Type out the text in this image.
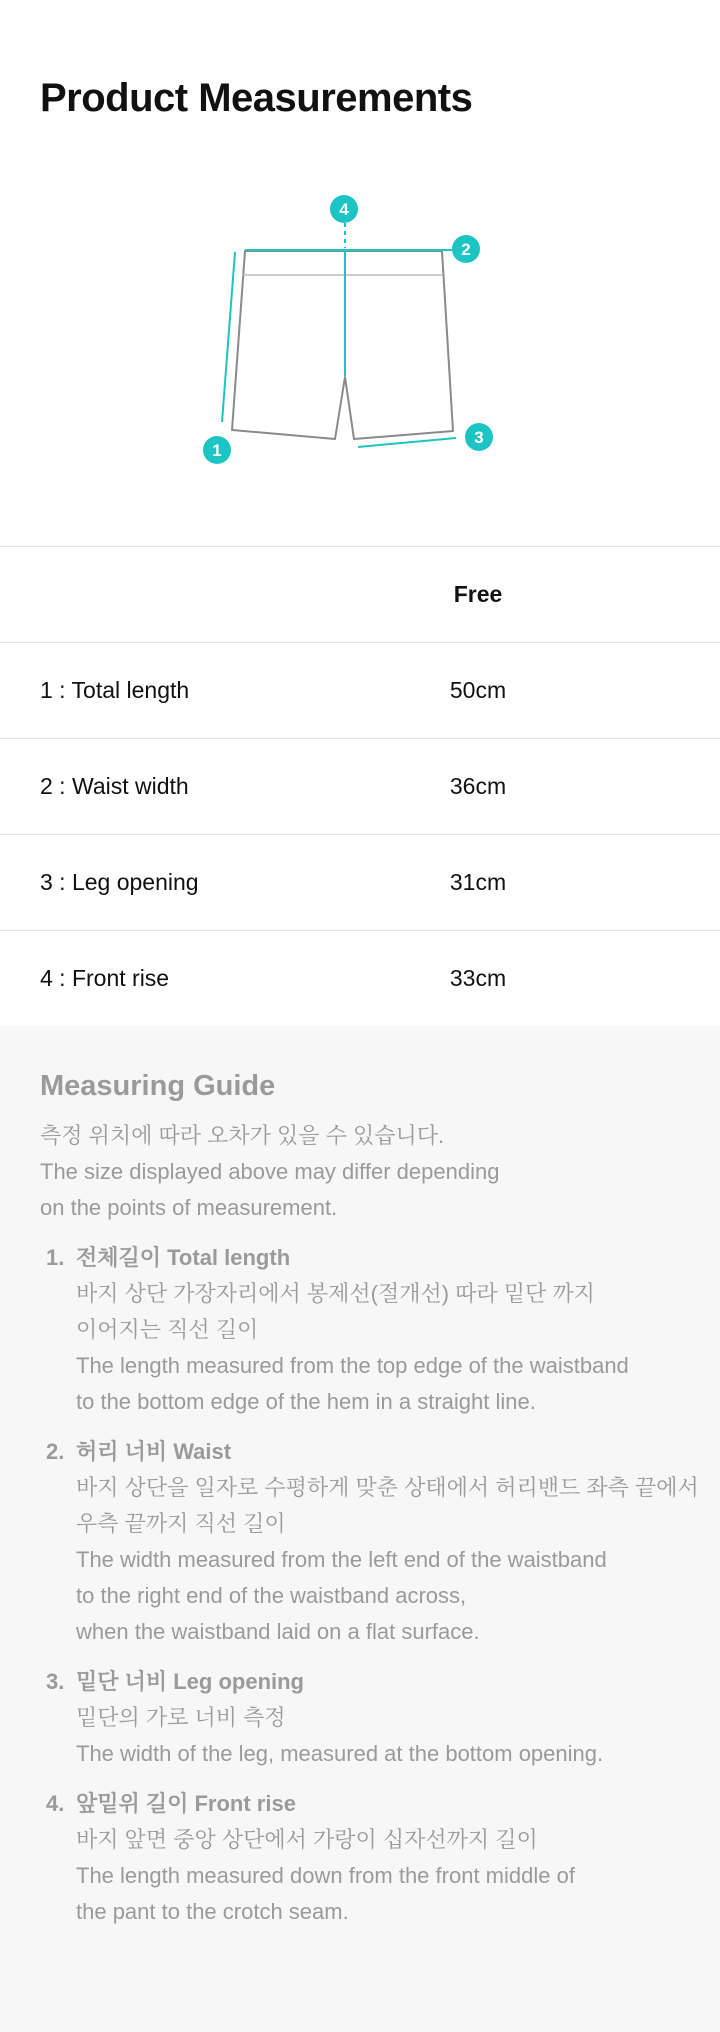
Product Measurements
1
2
3
4
Free
1 : Total length	50cm
2 : Waist width	36cm
3 : Leg opening	31cm
4 : Front rise	33cm
Measuring Guide
측정 위치에 따라 오차가 있을 수 있습니다.
The size displayed above may differ depending
on the points of measurement.
1. 전체길이 Total length
바지 상단 가장자리에서 봉제선(절개선) 따라 밑단 까지
이어지는 직선 길이
The length measured from the top edge of the waistband
to the bottom edge of the hem in a straight line.
2. 허리 너비 Waist
바지 상단을 일자로 수평하게 맞춘 상태에서 허리밴드 좌측 끝에서
우측 끝까지 직선 길이
The width measured from the left end of the waistband
to the right end of the waistband across,
when the waistband laid on a flat surface.
3. 밑단 너비 Leg opening
밑단의 가로 너비 측정
The width of the leg, measured at the bottom opening.
4. 앞밑위 길이 Front rise
바지 앞면 중앙 상단에서 가랑이 십자선까지 길이
The length measured down from the front middle of
the pant to the crotch seam.
